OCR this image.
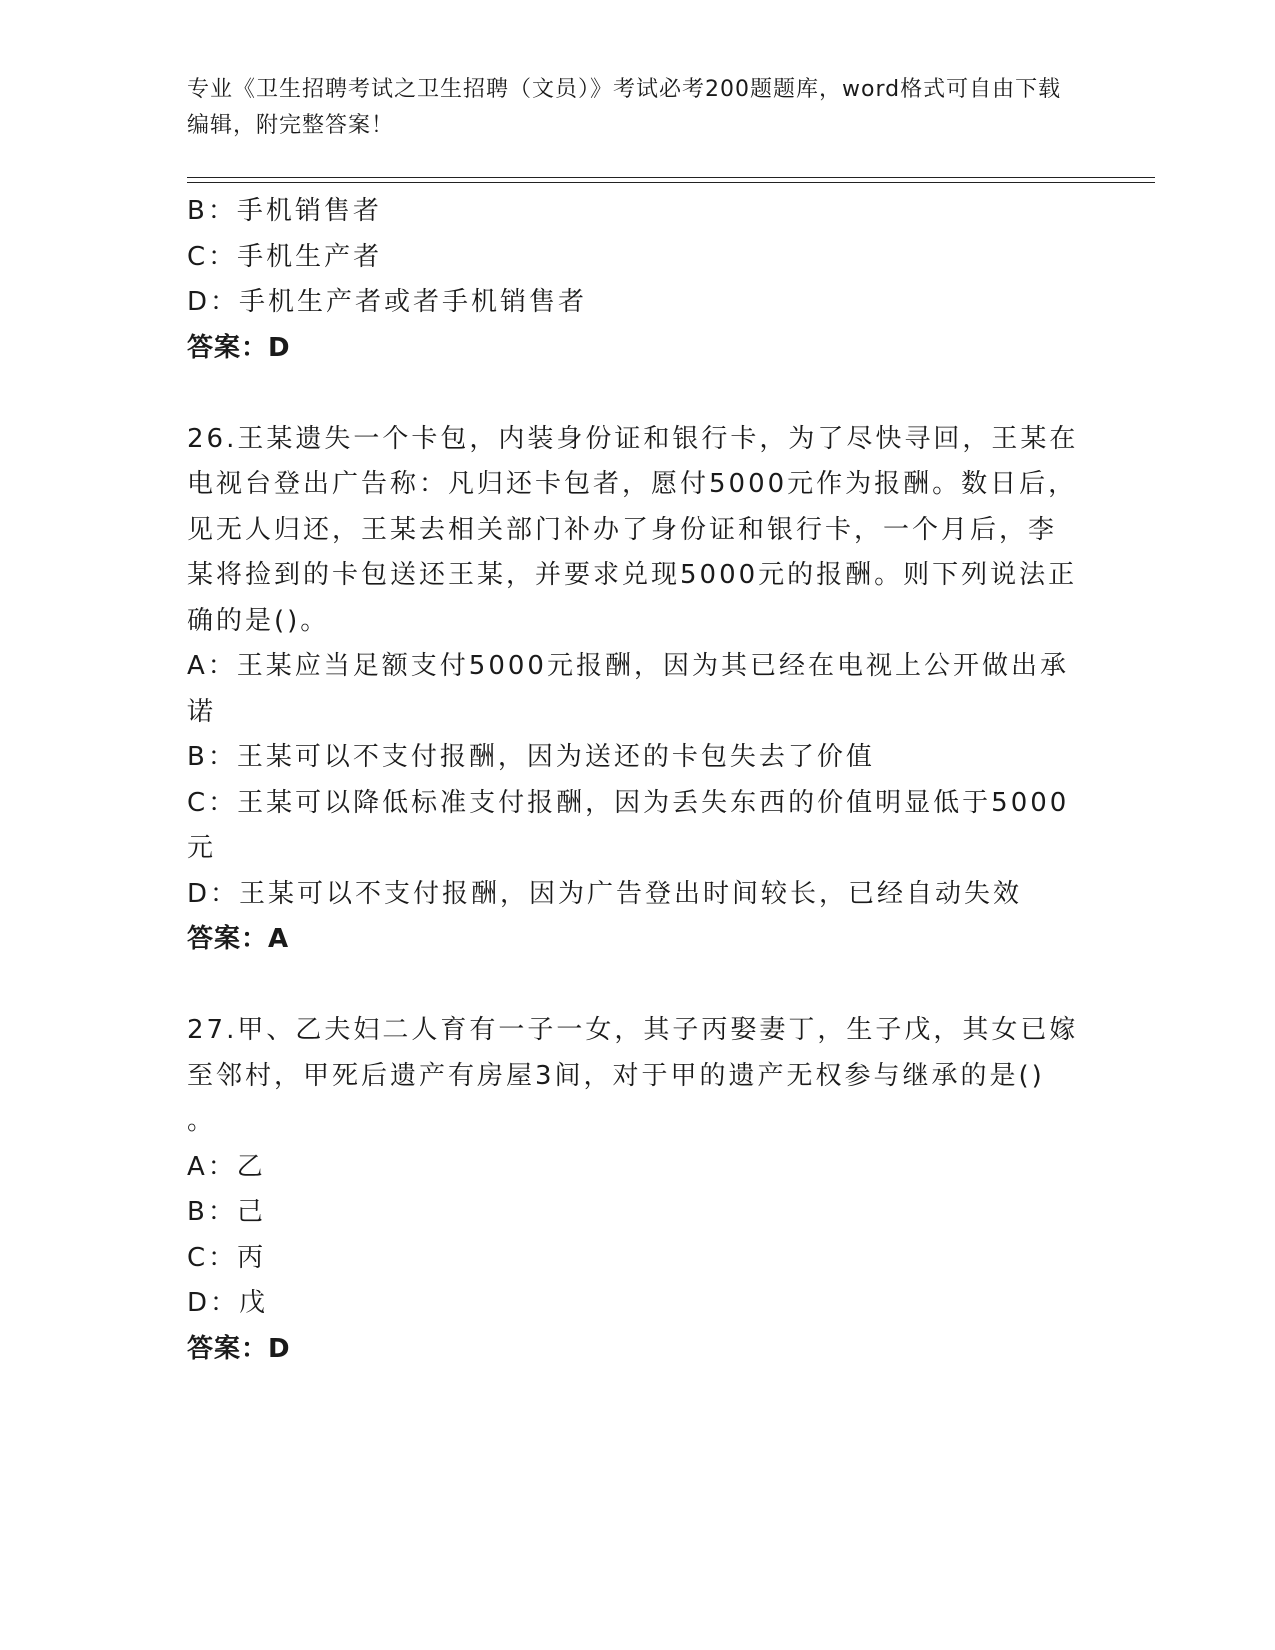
专业《卫生招聘考试之卫生招聘（文员）》考试必考200题题库，word格式可自由下载编辑，附完整答案！
B：手机销售者
C：手机生产者
D：手机生产者或者手机销售者
答案：D
26.王某遗失一个卡包，内装身份证和银行卡，为了尽快寻回，王某在
电视台登出广告称：凡归还卡包者，愿付5000元作为报酬。数日后，
见无人归还，王某去相关部门补办了身份证和银行卡，一个月后，李
某将捡到的卡包送还王某，并要求兑现5000元的报酬。则下列说法正
确的是()。
A：王某应当足额支付5000元报酬，因为其已经在电视上公开做出承
诺
B：王某可以不支付报酬，因为送还的卡包失去了价值
C：王某可以降低标准支付报酬，因为丢失东西的价值明显低于5000
元
D：王某可以不支付报酬，因为广告登出时间较长，已经自动失效
答案：A
27.甲、乙夫妇二人育有一子一女，其子丙娶妻丁，生子戊，其女已嫁
至邻村，甲死后遗产有房屋3间，对于甲的遗产无权参与继承的是()
。
A：乙
B：己
C：丙
D：戊
答案：D
